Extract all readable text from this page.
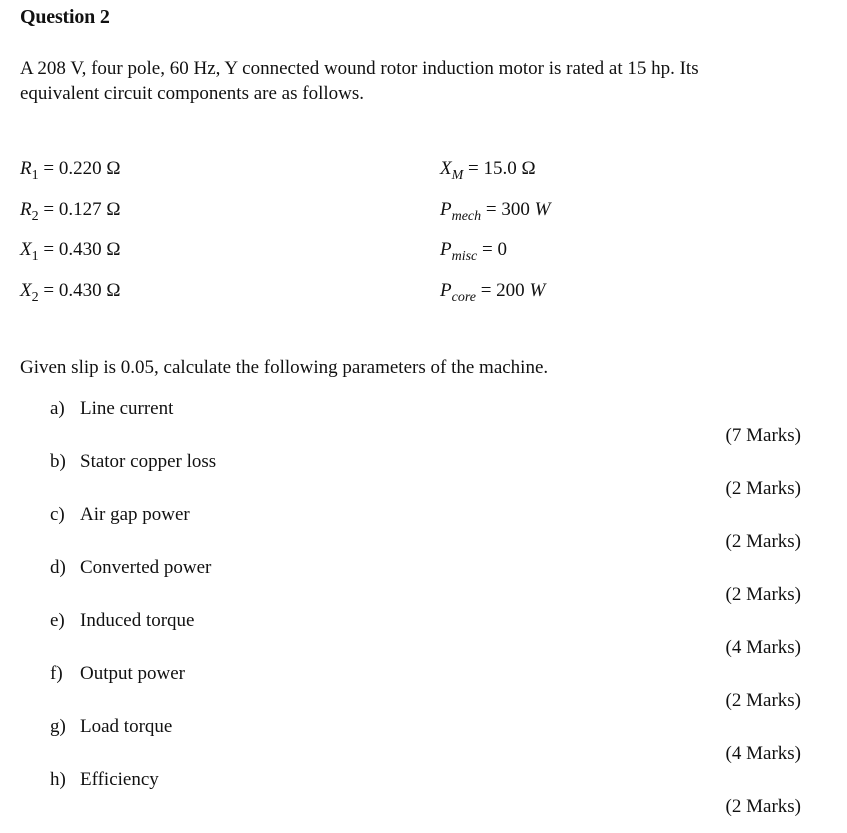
Question 2
A 208 V, four pole, 60 Hz, Y connected wound rotor induction motor is rated at 15 hp. Its
equivalent circuit components are as follows.
$R_1 = 0.220$ Ω
$R_2 = 0.127$ Ω
$X_1 = 0.430$ Ω
$X_2 = 0.430$ Ω
$X_M = 15.0$ Ω
$P_{mech} = 300$ W
$P_{misc} = 0$
$P_{core} = 200$ W
Given slip is 0.05, calculate the following parameters of the machine.
a) Line current
(7 Marks)
b) Stator copper loss
(2 Marks)
c) Air gap power
(2 Marks)
d) Converted power
(2 Marks)
e) Induced torque
(4 Marks)
f) Output power
(2 Marks)
g) Load torque
(4 Marks)
h) Efficiency
(2 Marks)
